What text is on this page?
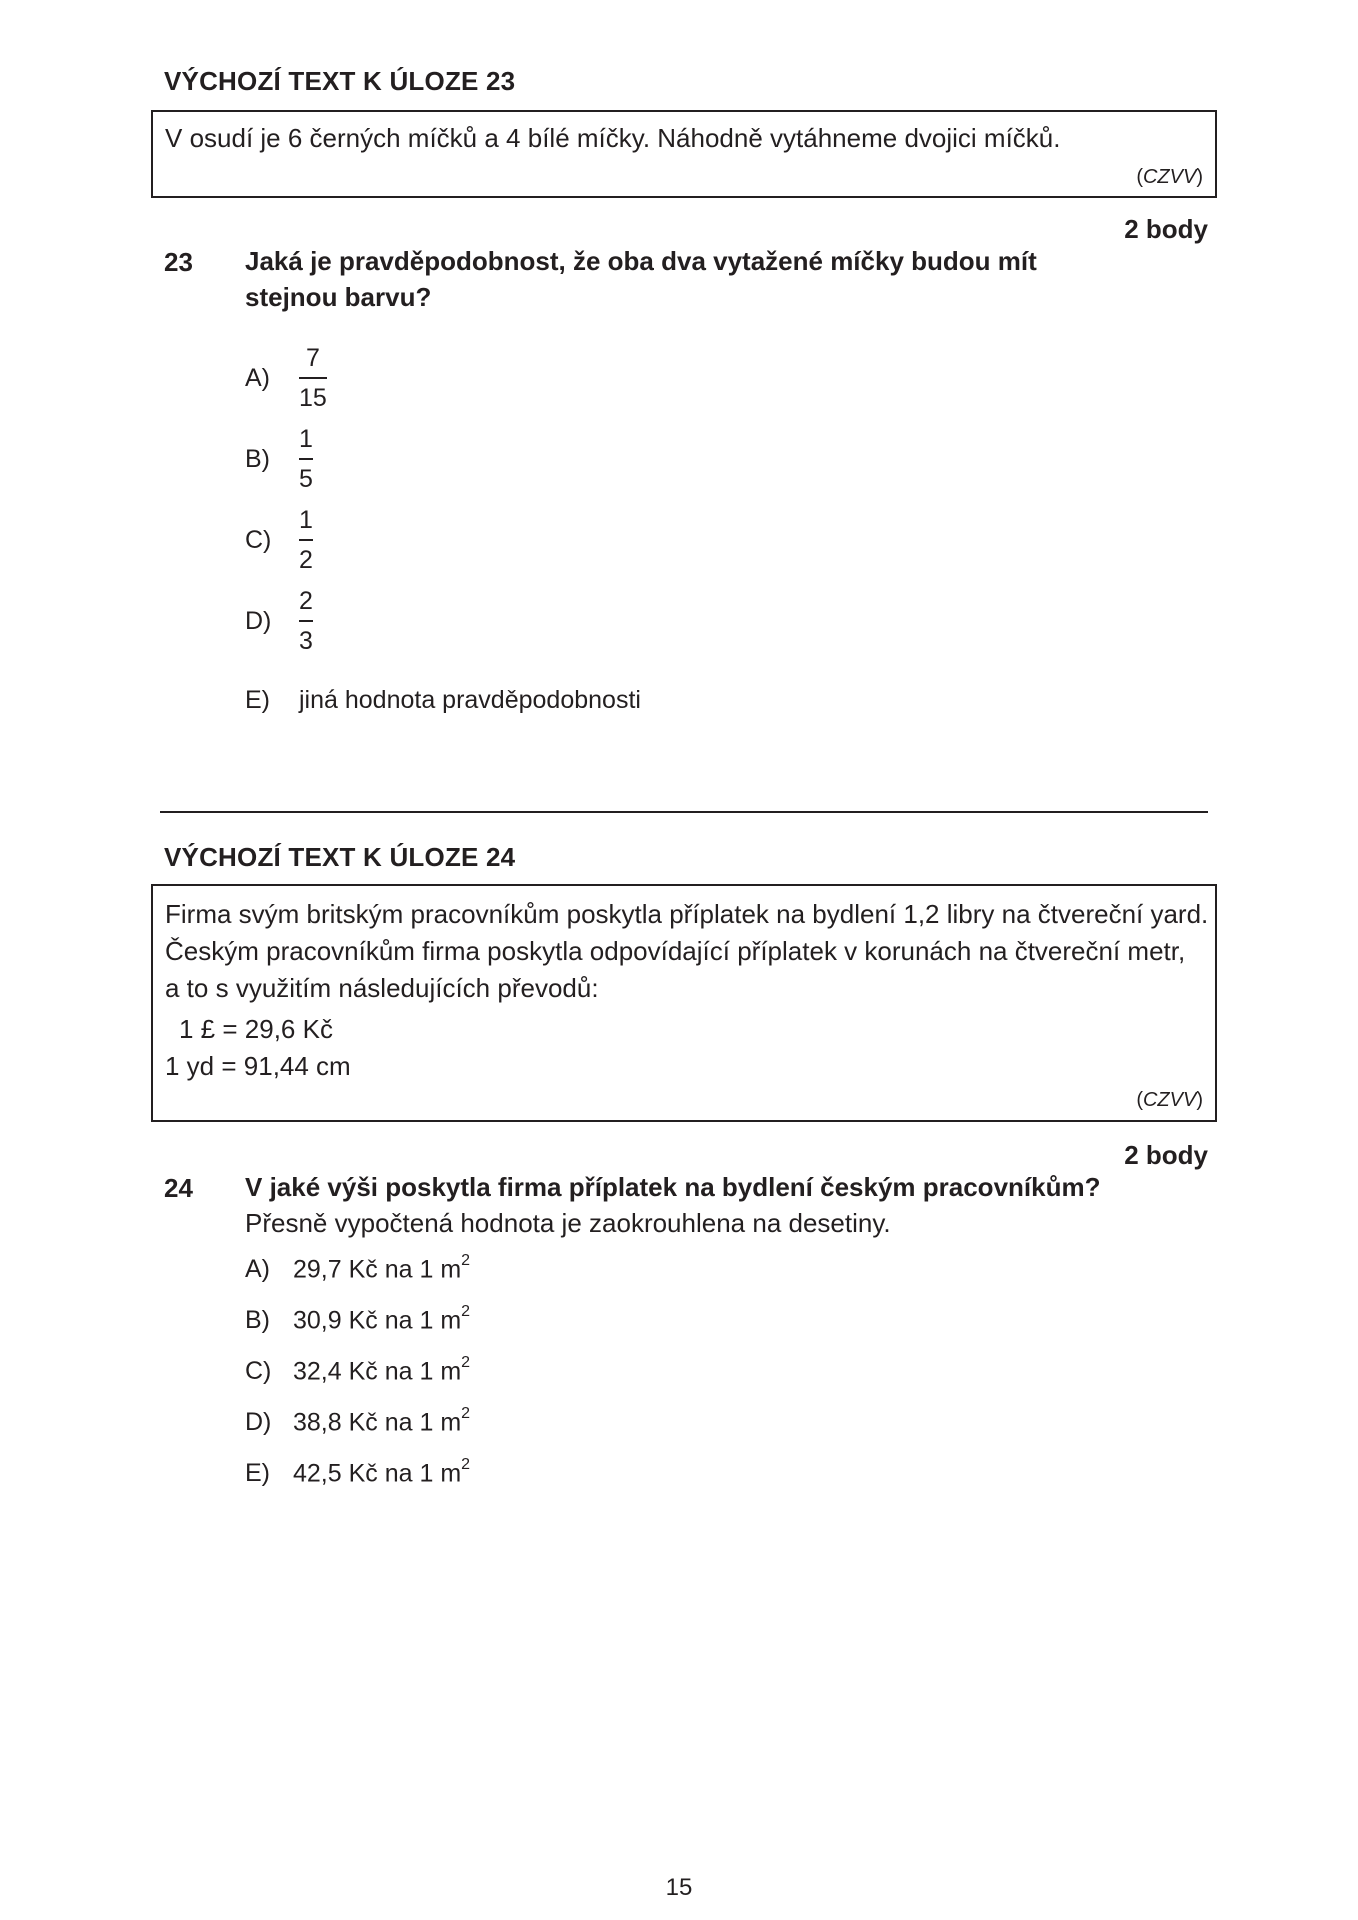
VÝCHOZÍ TEXT K ÚLOZE 23
V osudí je 6 černých míčků a 4 bílé míčky. Náhodně vytáhneme dvojici míčků.
(CZVV)
2 body
23 Jaká je pravděpodobnost, že oba dva vytažené míčky budou mít
stejnou barvu?
A)	$\frac{7}{15}$
B)	$\frac{1}{5}$
C)	$\frac{1}{2}$
D)	$\frac{2}{3}$
E)	jiná hodnota pravděpodobnosti
VÝCHOZÍ TEXT K ÚLOZE 24
Firma svým britským pracovníkům poskytla příplatek na bydlení 1,2 libry na čtvereční yard.
Českým pracovníkům firma poskytla odpovídající příplatek v korunách na čtvereční metr,
a to s využitím následujících převodů:
1 £ = 29,6 Kč
1 yd = 91,44 cm
(CZVV)
2 body
24 V jaké výši poskytla firma příplatek na bydlení českým pracovníkům?
Přesně vypočtená hodnota je zaokrouhlena na desetiny.
A) 29,7 Kč na 1 $m^2$
B) 30,9 Kč na 1 $m^2$
C) 32,4 Kč na 1 $m^2$
D) 38,8 Kč na 1 $m^2$
E) 42,5 Kč na 1 $m^2$
15
